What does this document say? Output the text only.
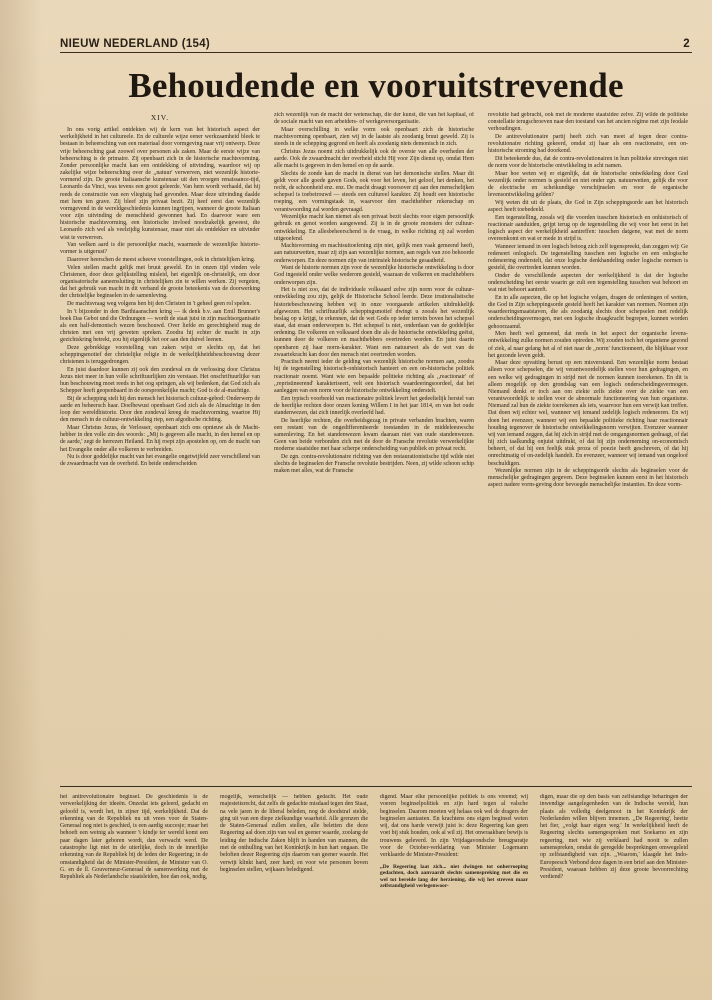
NIEUW NEDERLAND (154)	2
Behoudende en vooruitstrevende
XIV.

In ons vorig artikel ontdekten wij de kern van het historisch aspect der werkelijkheid in het cultureele. En de culturele wijze eener werkzaamheid bleek te bestaan in beheersching van een materiaal door vormgeving naar vrij ontwerp. Deze vrije beheersching gaat zoowel over personen als zaken. Maar de eerste wijze van beheersching is de primaire. Zij openbaart zich in de historische machtsvorming. Zonder persoonlijke macht kan een ontdekking of uitvinding, waardoor wij op zakelijke wijze beheersching over de ,,natuur' verwerven, niet wezenlijk historie-vormend zijn. De groote Italiaansche kunstenaar uit den vroegen renaissance-tijd, Leonardo da Vinci, was tevens een groot geleerde. Van hem wordt verhaald, dat hij reeds de constructie van een vliegtuig had gevonden. Maar deze uitvinding daalde met hem ten grave. Zij bleef zijn privaat bezit. Zij heef eerst dan wezenlijk vormgevend in de wereldgeschiedenis kunnen ingrijpen, wanneer de groote Italiaan voor zijn uitvinding de menschheid gewonnen had. En daarvoor ware een historische machtsvorming, een historische invloed noodzakelijk geweest, die Leonardo zich wel als veelzijdig kunstenaar, maar niet als ontdekker en uitvinder wist te verwerven.

Van welken aard is die persoonlijke macht, waarmede de wezenlijke historie-vormer is uitgerust?

Daarover heerschen de meest scheeve voorstellingen, ook in christelijken kring.

Velen stellen macht gelijk met bruut geweld. En in onzen tijd vinden vele Christenen, door deze gelijkstelling misleid, het eigenlijk on-christelijk, om door organisatorische aaneensluiting in christelijken zin te willen werken. Zij vergeten, dat het gebruik van macht in dit verband de groote beteekenis van de doorwerking der christelijke beginselen in de samenleving.

De machtsvraag weg volgens hen bij den Christen in 't geheel geen rol spelen.

In 't bijzonder in den Barthiaanschen kring — ik denk b.v. aan Emil Brunner's boek Das Gebot und die Ordnungen — wordt de staat juist in zijn machtsorganisatie als een half-demonisch wezen beschouwd. Over liefde en gerechtigheid mag de christen met een vrij geweten spreken. Zoodra hij echter de macht in zijn gezichtskring betrekt, zou hij eigenlijk het oor aan den duivel leenen.

Deze gebrekkige voorstelling van zaken wijst er slechts op, dat het scheppingsmotief der christelijke religie in de werkelijkheidsbeschouwing dezer christenen is teruggedrongen.

En juist daardoor kunnen zij ook den zondeval en de verlossing door Christus Jezus niet meer in hun volle schriftuurlijken zin verstaan. Het onschriftuurlijke van hun beschouwing moet reeds in het oog springen, als wij bedenken, dat God zich als Schepper heeft geopenbaard in de oorspronkelijke macht; God is de al-machtige.

Bij de schepping stelt hij den mensch het historisch cultuur-gebod: Onderwerp de aarde en beheersch haar. Doelbewust openbaart God zich als de Almachtige in den loop der wereldhistorie. Door den zondeval kreeg de machtsvorming, waartoe Hij den mensch in de cultuur-ontwikkeling riep, een afgodische richting.

Maar Christus Jezus, de Verlosser, openbaart zich ons opnieuw als de Macht-hebber in den volle zin des woords: ,,Mij is gegeven alle macht, in den hemel en op de aarde,' zegt de herrezen Heiland. En hij roept zijn apostelen op, om de macht van het Evangelie onder alle volkeren te verbreiden.

Nu is door goddelijke macht van het evangelie ongetwijfeld zeer verschillend van de zwaardmacht van de overheid. En beide onderscheiden

zich wezenlijk van de macht der wetenschap, die der kunst, die van het kapitaal, of de sociale macht van een arbeiders- of werkgeversorganisatie.

Maar overschilling in welke vorm ook openbaart zich de historische machtsvorming openbaart, zien wij in de laatste als zoodanig bruut geweld. Zij is steeds in de schepping gegrond en heeft als zoodanig niets demonisch in zich.

Christus Jezus noemt zich uitdrukkelijk ook de overste van alle overheden der aarde. Ook de zwaardmacht der overheid sticht Hij voor Zijn dienst op, omdat Hem alle macht is gegeven in den hemel en op de aarde.

Slechts de zonde kan de macht in dienst van het demonische stellen. Maar dit geldt voor alle goede gaven Gods, ook voor het leven, het geloof, het denken, het recht, de schoonheid enz. enz. De macht draagt voorsover zij aan den menschelijken schepsel is toebetrouwd — steeds een cultureel karakter. Zij houdt een historische roeping, een vormingstaak in, waarvoor den machthebber rekenschap en verantwoording zal worden gevraagd.

Wezenlijke macht kan niemet als een privaat bezit slechts voor eigen persoonlijk gebruik en genot worden aangewend. Zij is in de groote monsters der cultuur-ontwikkeling. En allesbeheerschend is de vraag, in welke richting zij zal worden uitgeoefend.

Machtsvorming en machtsuitoefening zijn niet, gelijk men vaak gemeend heeft, aan natuurwetten, maar zij zijn aan wezenlijke normen, aan regels van zoo behoorde onderworpen. En deze normen zijn van intrinsiek historische gesaatheid.

Want de historie normen zijn voor de wezenlijke historische ontwikkeling is door God ingesteld onder welke wederom gesteld, waaraan de volkeren en machthebbers onderworpen zijn.

Het is niet zoo, dat de individuele volksaard zelve zijn norm voor de cultuur-ontwikkeling zou zijn, gelijk de Historische School leerde. Deze irrationalistische historiebeschouwing hebben wij in onze voorgaande artikelen uitdrukkelijk afgewezen. Het schriftuurlijk scheppingsmotief dwingt u zooals het wezenlijk beslag op u krijgt, te erkennen, dat de wet Gods op ieder terrein boven het schepsel staat, dat eraan onderworpen is. Het schepsel is niet, onderdaan van de goddelijke ordening. De volkeren en volksaard doen die als de historische ontwikkeling geëist, kunnen door de volkeren en machthebbers overtreden worden. En juist daarin openbaren zij haar norm-karakter. Want een natuurwet als de wet van de zwaartekracht kan door den mensch niet overtreden worden.

Practisch neemt ieder de gelding van wezenlijk historische normen aan, zoodra hij de tegenstelling historisch-onhistorisch hanteert en een on-historische politiek reactionair noemt. Want wie een bepaalde politieke richting als ,,reactionair' of ,,repristineerend' karakteriseert, velt een historisch waardeeringsoordeel, dat het aanleggen van een norm voor de historische ontwikkeling onderstelt.

Een typisch voorbeeld van reactionaire politiek levert het gedeeltelijk herstel van de heerlijke rechten door onzen koning Willem I in het jaar 1814, en van het oude standenwezen, dat zich innerlijk overleefd had.

De heerlijke rechten, die overheidsgezag in private verbanden brachten, waren een restant van de ongedifferentieerde toestanden in de middeleeuwsche samenleving. En het standenwezen kwam daaraan niet van oude standenwezen. Geen van beide verbonden zich met de door de Fransche revolutie verwerkelijkte moderne staatsidee met haar scherpe onderscheiding van publiek en privaat recht.

De zgn. contra-revolutionaire richting van den restaurationistische tijd wilde niet slechts de beginselen der Fransche revolutie bestrijden. Neen, zij wilde schoon schip maken met alles, wat de Fransche

revolutie had gebracht, ook met de moderne staatsidee zelve. Zij wilde de politieke constellatie terugschroeven naar den toestand van het ancien régime met zijn feodale verhoudingen.

De antirevolutionaire partij heeft zich van meet af tegen deze contra-revolutionaire richting gekeerd, omdat zij haar als een reactionaire, een on-historische stroming had doorkend.

Dit beteekende dus, dat de contra-revolutionairen in hun politieke strevingen niet de norm voor de historische ontwikkeling in acht namen.

Maar hoe weten wij er eigenlijk, dat de historische ontwikkeling door God wezenlijk onder normen is gesteld en niet onder zgn. natuurwetten, gelijk die voor de electrische en scheikundige verschijnselen en voor de organische levensontwikkeling gelden?

Wij weten dit uit de plaats, die God in Zijn scheppingsorde aan het historisch aspect heeft toebedeeld.

Een tegenstelling, zooals wij die voorden tusschen historisch en onhistorisch of reactionair aanduiden, grijpt terug op de tegenstelling die wij voor het eerst in het logisch aspect der werkelijkheid aantreffen: tusschen datgene, wat met de norm overeenkomt en wat er mede in strijd is.

Wanneer iemand in een logisch betoog zich zelf tegenspreekt, dan zeggen wij: Ge redeneert onlogisch. De tegenstelling tusschen een logische en een onlogische redeneering onderstelt, dat onze logische denkhandeling onder logische normen is gesteld, die overtreden kunnen worden.

Onder de verschillende aspecten der werkelijkheid is dat der logische onderscheiding het eerste waarin ge zult een tegenstelling tusschen wat behoort en wat niet behoort aantreft.

En in alle aspecten, die op het logische volgen, dragen de ordeningen of wetten, die God in Zijn scheppingsorde gesteld heeft het karakter van normen. Normen zijn waardeeringsmaatstaven, die als zoodanig slechts door schepselen met redelijk onderscheidingsvermogen, met een logische draagkracht begrepen, kunnen worden gehoorzaamd.

Men heeft wel gemeend, dat reeds in het aspect der organische levens-ontwikkeling zulke normen zouden optreden. Wij zouden toch het organisme gezond of ziek, al naar gelang het al of niet naar de ,,norm' functionneert, die blijkbaar voor het gezonde leven geldt.

Maar deze opvatting berust op een misverstand. Een wezenlijke norm bestaat alleen voor schepselen, die wij verantwoordelijk stellen voor hun gedragingen, en een welke wij gedragingen in strijd met de normen kunnen toerekenen. En dit is alleen mogelijk op den grondslag van een logisch onderscheidingsvermogen. Niemand denkt er toch aan om ziekte zelfs ziekte over de ziekte van een verantwoordelijk te stellen voor de abnormale functioneering van hun organisme. Niemand zal hun de ziekte toerekenen als iets, waarvoor hun een verwijt kan treffen. Dat doen wij echter wel, wanneer wij iemand zedelijk logisch redeneeren. En wij doen het evenzeer, wanneer wij een bepaalde politieke richting haar reactionnair houding tegenover de historische ontwikkelingsnorm verwijten. Evenzeer wanneer wij van iemand zeggen, dat hij zich in strijd met de omgangsnormen gedraagt, of dat hij zich taalkundig onjuist uitdrukt, of dat hij zijn onderneming on-economisch beheert, of dat hij een feelijk stuk proza of poezie heeft geschreven, of dat hij onrechtmatig of on-zedelijk handelt. En evenzeer, wanneer wij iemand van ongeloof beschuldigen.

Wezenlijke normen zijn in de scheppingsorde slechts als beginselen voor de menschelijke gedragingen gegeven. Deze beginselen kunnen eerst in het historisch aspect nadere vorm-geving door bevoegde menschelijke instanties. En deze vorm-

het antirevolutionaire beginsel. De geschiedenis is de verwerkelijking der ideeën. Onzedat iets geleerd, gedacht en geloofd is, wordt het, in zijner tijd, werkelijkheid. Dat de erkenning van de Republiek nu uit vrees voor de Staten-Generaal nog niet is geschied, is een aardig succesje; maar het behoeft een weinig als wanneer 't kindje ter wereld komt een paar dagen later geboren wordt, dan verwacht werd. De catastrophe ligt niet in de uiterlijke, doch in de innerlijke erkenning van de Republiek bij de leden der Regeering; in de omstandigheid dat de Minister-President, de Minister van O. G. en de ll. Gouverneur-Generaal de samenwerking met de Republiek als Nederlandsche staatsleiden, hoe dan ook, nodig,

mogelijk, wenschelijk — hebben gedacht. Het oude majesteitsrecht, dat zelfs de gedachte misdaad tegen den Staat, na vele jaren in de liberal beleden, nog de doodstraf stelde, ging uit van een diepe zielkundige waarheid. Alle grenzen die de Staten-Generaal zullen stellen, alle beletten die deze Regeering aal doen zijn van wal en geener waarde, zoolang de leiding der Indische Zaken blijft in handen van mannen, die met de onthulling van het Koninkrijk in hun hart ongaan. De beloften dezer Regeering zijn daarom van geener waarde. Het verwijt klinkt hard, zeer hard; en voor wie personen boven beginselen stellen, wijkaars beledigend.

digend. Maar elke persoonlijke politiek is ons vreemd; wij voeren beginselpolitiek en zijn hard tegen al valsche beginselen. Daarom moeten wij helaas ook wel de dragers der beginselen aantasten. En krachtens ons eigen beginsel weten wij, dat ons harde verwijt juist is: deze Regeering kan geen voet bij stuk houden, ook al wil zij. Het onwraakbare bewijs is trouwens geleverd. In zijn Vrijdagavondsche breugparatje voor de October-verklaring van Minister Logemann verklaarde de Minister-President:

,,De Regeering laat zich... niet dwingen tot onherroeping gedachten, doch aanvaardt slechts samenspreking met die en wel tot bereide lang der herziening, die wij het streven maar zelfstandigheid verlegenwoor-

digen, maar die op den basis van zelfstandige beharingen der inwendige aangelegenheden van de Indische wereld, hun plaats als volledig deelgenoot in het Koninkrijk der Nederlanden willen blijven innemen. ,,De Regeering', heette het fier, ,,volgt haar eigen weg.' In werkelijkheid heeft de Regeering slechts samengesproken met Soekarno en zijn regeering, met wie zij verklaard had nooit te zullen samenspreken, omdat de geregelde besprekingen omwegeleid op zelfstandigheid van zijn. ,,Waarom,' klaagde het Indo-Europeesch Verbond deze dagen in een brief aan den Minister-President, waaraan hebben zij deze groote bevoorrechting verdiend?
